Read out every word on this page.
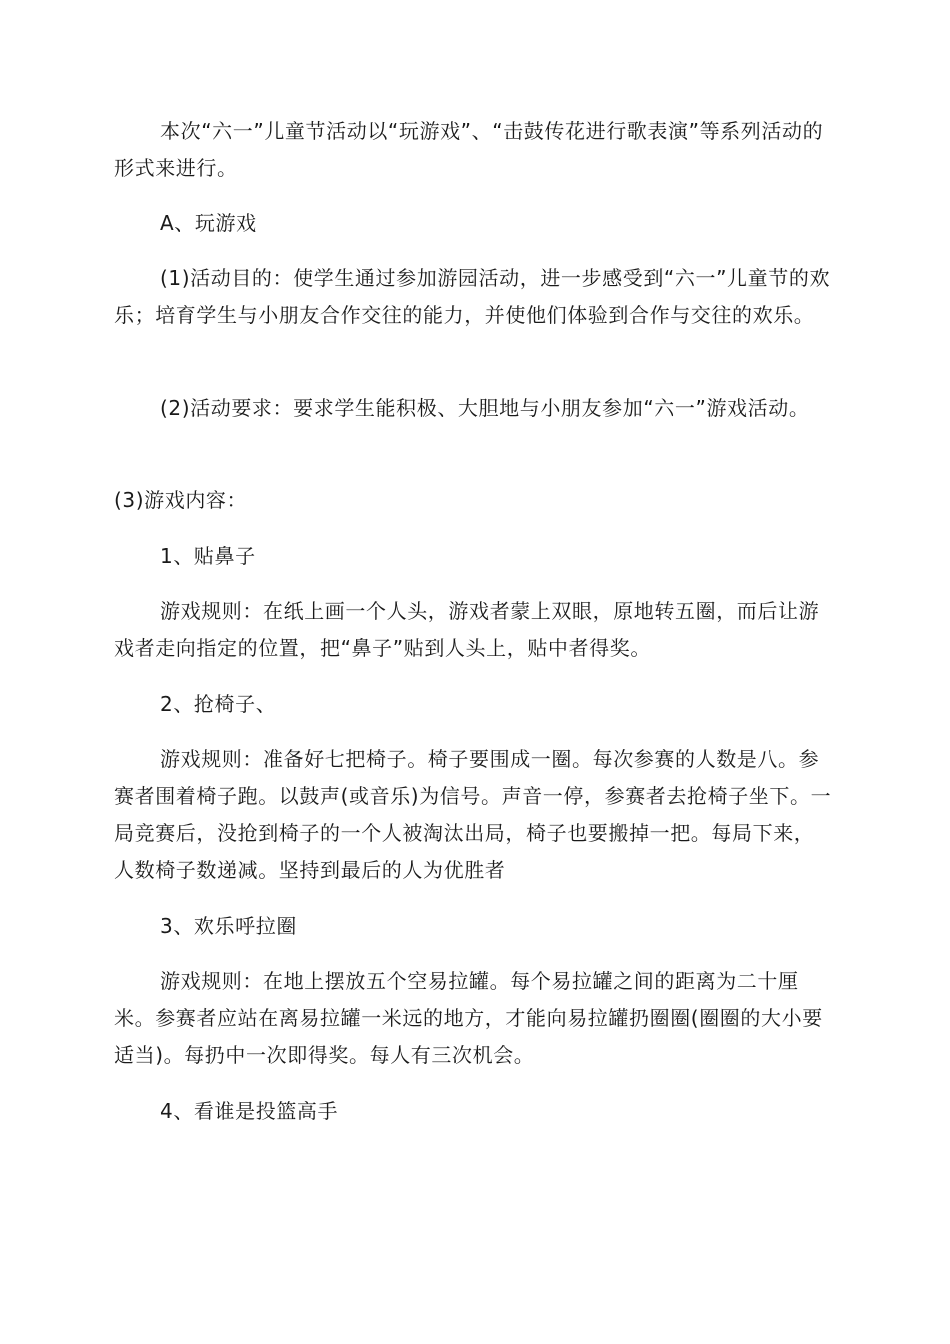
本次“六一”儿童节活动以“玩游戏”、“击鼓传花进行歌表演”等系列活动的形式来进行。
A、玩游戏
(1)活动目的：使学生通过参加游园活动，进一步感受到“六一”儿童节的欢乐；培育学生与小朋友合作交往的能力，并使他们体验到合作与交往的欢乐。
(2)活动要求：要求学生能积极、大胆地与小朋友参加“六一”游戏活动。
(3)游戏内容：
1、贴鼻子
游戏规则：在纸上画一个人头，游戏者蒙上双眼，原地转五圈，而后让游戏者走向指定的位置，把“鼻子”贴到人头上，贴中者得奖。
2、抢椅子、
游戏规则：准备好七把椅子。椅子要围成一圈。每次参赛的人数是八。参赛者围着椅子跑。以鼓声(或音乐)为信号。声音一停，参赛者去抢椅子坐下。一局竞赛后，没抢到椅子的一个人被淘汰出局，椅子也要搬掉一把。每局下来，人数椅子数递减。坚持到最后的人为优胜者
3、欢乐呼拉圈
游戏规则：在地上摆放五个空易拉罐。每个易拉罐之间的距离为二十厘米。参赛者应站在离易拉罐一米远的地方，才能向易拉罐扔圈圈(圈圈的大小要适当)。每扔中一次即得奖。每人有三次机会。
4、看谁是投篮高手
